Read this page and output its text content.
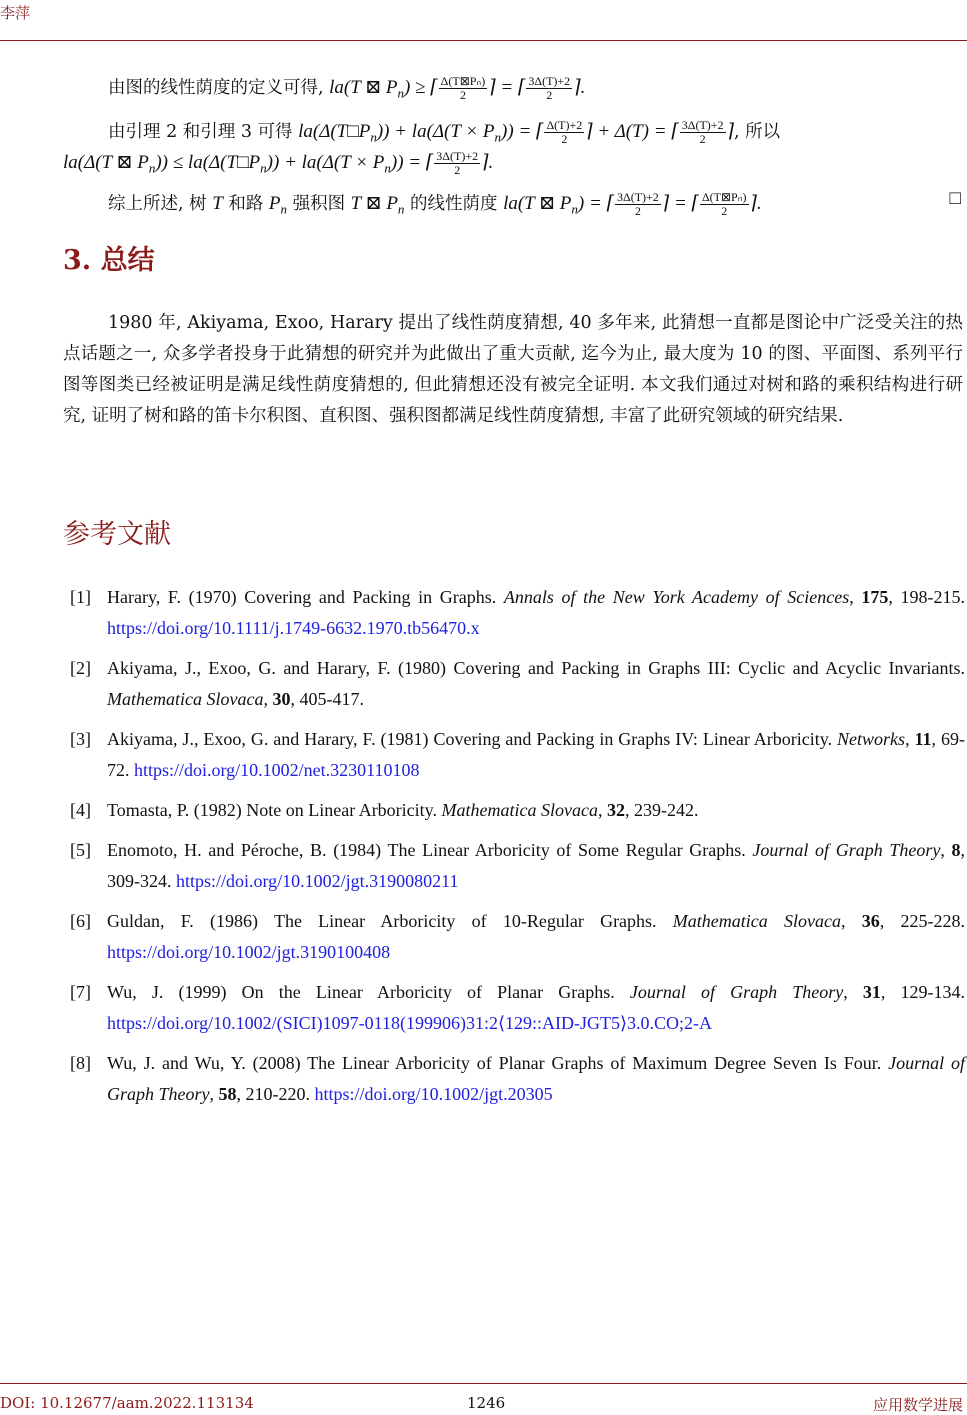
李萍
由图的线性荫度的定义可得, la(T ⊠ $P_n$) ≥ ⌈ $\frac{\text{Δ(T⊠Pₙ)}}{2}$ ⌉ = ⌈ $\frac{3\Delta(T)+2}{2}$ ⌉.
由引理 2 和引理 3 可得 $la(\Delta(T□P_n)) + la(\Delta(T \times P_n))$ = ⌈ $\frac{\Delta(T)+2}{2}$ ⌉ + Δ(T) = ⌈ $\frac{3\Delta(T)+2}{2}$ ⌉, 所以
la(Δ(T ⊠ $P_n$)) ≤ $la(\Delta(T□P_n)) + la(\Delta(T \times P_n))$ = ⌈ $\frac{3\Delta(T)+2}{2}$ ⌉.
综上所述, 树 T 和路 $P_n$ 强积图 T ⊠ $P_n$ 的线性荫度 la(T ⊠ $P_n$) = ⌈ $\frac{3\Delta(T)+2}{2}$ ⌉ = ⌈ $\frac{\text{Δ(T⊠Pₙ)}}{2}$ ⌉.	□
3. 总结
1980 年, Akiyama, Exoo, Harary 提出了线性荫度猜想, 40 多年来, 此猜想一直都是图论中广泛受关注的热点话题之一, 众多学者投身于此猜想的研究并为此做出了重大贡献, 迄今为止, 最大度为 10 的图、平面图、系列平行图等图类已经被证明是满足线性荫度猜想的, 但此猜想还没有被完全证明. 本文我们通过对树和路的乘积结构进行研究, 证明了树和路的笛卡尔积图、直积图、强积图都满足线性荫度猜想, 丰富了此研究领域的研究结果.
参考文献
[1] Harary, F. (1970) Covering and Packing in Graphs. Annals of the New York Academy of Sciences, 175, 198-215. https://doi.org/10.1111/j.1749-6632.1970.tb56470.x
[2] Akiyama, J., Exoo, G. and Harary, F. (1980) Covering and Packing in Graphs III: Cyclic and Acyclic Invariants. Mathematica Slovaca, 30, 405-417.
[3] Akiyama, J., Exoo, G. and Harary, F. (1981) Covering and Packing in Graphs IV: Linear Arboricity. Networks, 11, 69-72. https://doi.org/10.1002/net.3230110108
[4] Tomasta, P. (1982) Note on Linear Arboricity. Mathematica Slovaca, 32, 239-242.
[5] Enomoto, H. and Péroche, B. (1984) The Linear Arboricity of Some Regular Graphs. Journal of Graph Theory, 8, 309-324. https://doi.org/10.1002/jgt.3190080211
[6] Guldan, F. (1986) The Linear Arboricity of 10-Regular Graphs. Mathematica Slovaca, 36, 225-228. https://doi.org/10.1002/jgt.3190100408
[7] Wu, J. (1999) On the Linear Arboricity of Planar Graphs. Journal of Graph Theory, 31, 129-134. https://doi.org/10.1002/(SICI)1097-0118(199906)31:2⟨129::AID-JGT5⟩3.0.CO;2-A
[8] Wu, J. and Wu, Y. (2008) The Linear Arboricity of Planar Graphs of Maximum Degree Seven Is Four. Journal of Graph Theory, 58, 210-220. https://doi.org/10.1002/jgt.20305
DOI: 10.12677/aam.2022.113134	1246	应用数学进展
